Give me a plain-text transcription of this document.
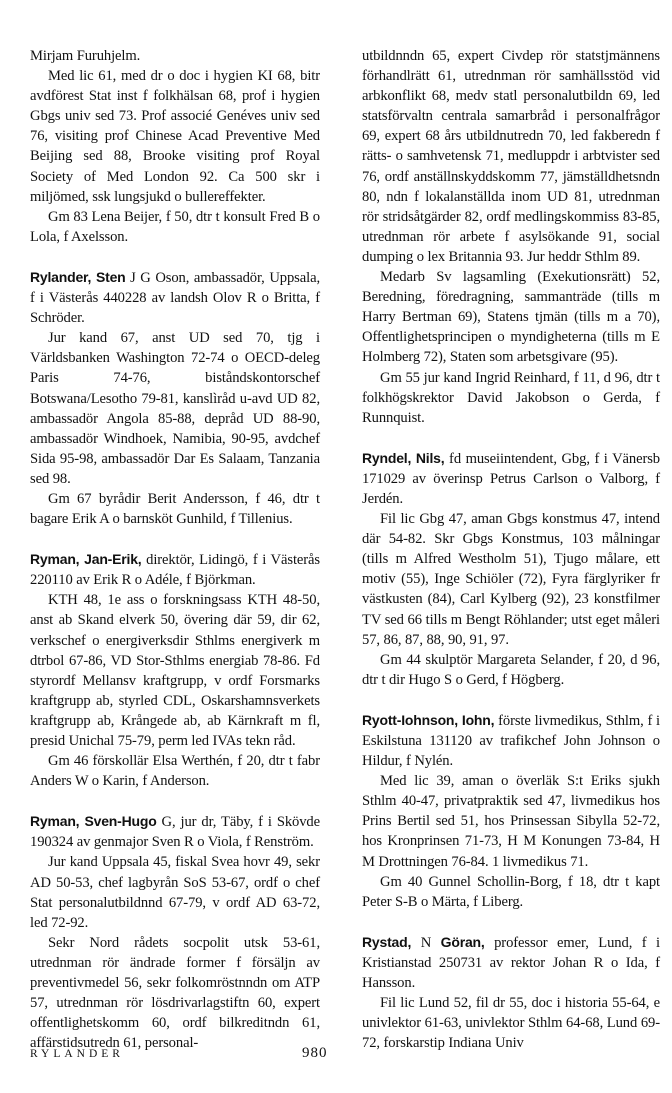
Mirjam Furuhjelm.

Med lic 61, med dr o doc i hygien KI 68, bitr avdförest Stat inst f folkhälsan 68, prof i hygien Gbgs univ sed 73. Prof associé Genéves univ sed 76, visiting prof Chinese Acad Preventive Med Beijing sed 88, Brooke visiting prof Royal Society of Med London 92. Ca 500 skr i miljömed, ssk lungsjukd o bullereffekter.

Gm 83 Lena Beijer, f 50, dtr t konsult Fred B o Lola, f Axelsson.

Rylander, Sten J G Oson, ambassadör, Uppsala, f i Västerås 440228 av landsh Olov R o Britta, f Schröder.

Jur kand 67, anst UD sed 70, tjg i Världsbanken Washington 72-74 o OECD-deleg Paris 74-76, biståndskontorschef Botswana/Lesotho 79-81, kanslìråd u-avd UD 82, ambassadör Angola 85-88, depråd UD 88-90, ambassadör Windhoek, Namibia, 90-95, avdchef Sida 95-98, ambassadör Dar Es Salaam, Tanzania sed 98.

Gm 67 byrådir Berit Andersson, f 46, dtr t bagare Erik A o barnsköt Gunhild, f Tillenius.

Ryman, Jan-Erik, direktör, Lidingö, f i Västerås 220110 av Erik R o Adéle, f Björkman.

KTH 48, 1e ass o forskningsass KTH 48-50, anst ab Skand elverk 50, övering där 59, dir 62, verkschef o energiverksdir Sthlms energiverk m dtrbol 67-86, VD Stor-Sthlms energiab 78-86. Fd styrordf Mellansv kraftgrupp, v ordf Forsmarks kraftgrupp ab, styrled CDL, Oskarshamnsverkets kraftgrupp ab, Krångede ab, ab Kärnkraft m fl, presid Unichal 75-79, perm led IVAs tekn råd.

Gm 46 förskollär Elsa Werthén, f 20, dtr t fabr Anders W o Karin, f Anderson.

Ryman, Sven-Hugo G, jur dr, Täby, f i Skövde 190324 av genmajor Sven R o Viola, f Renström.

Jur kand Uppsala 45, fiskal Svea hovr 49, sekr AD 50-53, chef lagbyrån SoS 53-67, ordf o chef Stat personalutbildnnd 67-79, v ordf AD 63-72, led 72-92.

Sekr Nord rådets socpolit utsk 53-61, utrednman rör ändrade former f försäljn av preventivmedel 56, sekr folkomröstnndn om ATP 57, utrednman rör lösdrivarlagstiftn 60, expert offentlighetskomm 60, ordf bilkreditndn 61, affärstidsutredn 61, personal-

utbildnndn 65, expert Civdep rör statstjmännens förhandlrätt 61, utrednman rör samhällsstöd vid arbkonflikt 68, medv statl personalutbildn 69, led statsförvaltn centrala samarbråd i personalfrågor 69, expert 68 års utbildnutredn 70, led fakberedn f rätts- o samhvetensk 71, medluppdr i arbtvister sed 76, ordf anställnskyddskomm 77, jämställdhetsndn 80, ndn f lokalanställda inom UD 81, utrednman rör stridsåtgärder 82, ordf medlingskommiss 83-85, utrednman rör arbete f asylsökande 91, social dumping o lex Britannia 93. Jur heddr Sthlm 89.

Medarb Sv lagsamling (Exekutionsrätt) 52, Beredning, föredragning, sammanträde (tills m Harry Bertman 69), Statens tjmän (tills m a 70), Offentlighetsprincipen o myndigheterna (tills m E Holmberg 72), Staten som arbetsgivare (95).

Gm 55 jur kand Ingrid Reinhard, f 11, d 96, dtr t folkhögskrektor David Jakobson o Gerda, f Runnquist.

Ryndel, Nils, fd museiintendent, Gbg, f i Vänersb 171029 av överinsp Petrus Carlson o Valborg, f Jerdén.

Fil lic Gbg 47, aman Gbgs konstmus 47, intend där 54-82. Skr Gbgs Konstmus, 103 målningar (tills m Alfred Westholm 51), Tjugo målare, ett motiv (55), Inge Schiöler (72), Fyra färglyriker fr västkusten (84), Carl Kylberg (92), 23 konstfilmer TV sed 66 tills m Bengt Röhlander; utst eget måleri 57, 86, 87, 88, 90, 91, 97.

Gm 44 skulptör Margareta Selander, f 20, d 96, dtr t dir Hugo S o Gerd, f Högberg.

Ryott-Iohnson, Iohn, förste livmedikus, Sthlm, f i Eskilstuna 131120 av trafikchef John Johnson o Hildur, f Nylén.

Med lic 39, aman o överläk S:t Eriks sjukh Sthlm 40-47, privatpraktik sed 47, livmedikus hos Prins Bertil sed 51, hos Prinsessan Sibylla 52-72, hos Kronprinsen 71-73, H M Konungen 73-84, H M Drottningen 76-84. 1 livmedikus 71.

Gm 40 Gunnel Schollin-Borg, f 18, dtr t kapt Peter S-B o Märta, f Liberg.

Rystad, N Göran, professor emer, Lund, f i Kristianstad 250731 av rektor Johan R o Ida, f Hansson.

Fil lic Lund 52, fil dr 55, doc i historia 55-64, e univlektor 61-63, univlektor Sthlm 64-68, Lund 69-72, forskarstip Indiana Univ

RYLANDER	980
